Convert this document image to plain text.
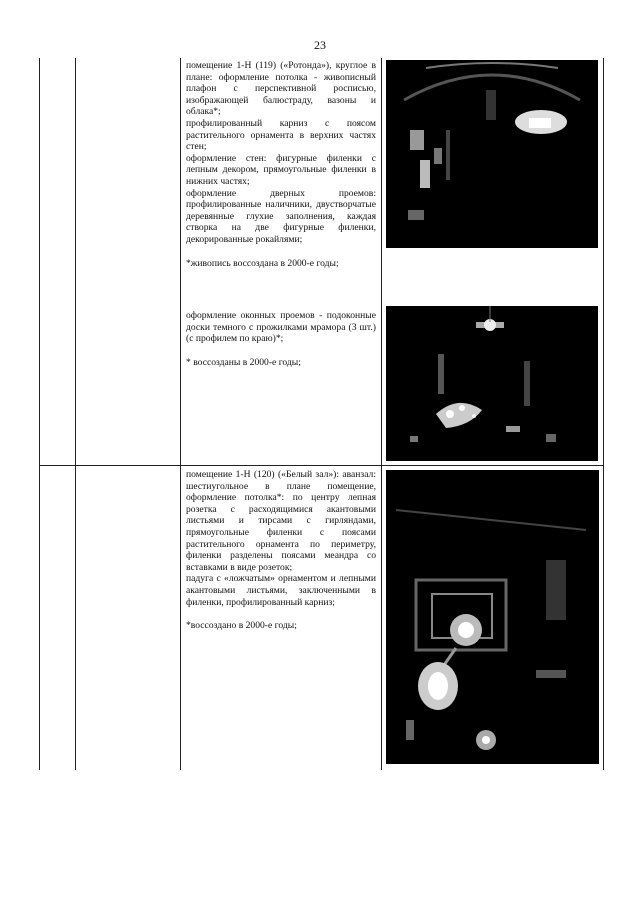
23

помещение 1-Н (119) («Ротонда»), круглое в плане: оформление потолка - живописный плафон с перспективной росписью, изображающей балюстраду, вазоны и облака*;

профилированный карниз с поясом растительного орнамента в верхних частях стен;

оформление стен: фигурные филенки с лепным декором, прямоугольные филенки в нижних частях;

оформление дверных проемов: профилированные наличники, двустворчатые деревянные глухие заполнения, каждая створка на две фигурные филенки, декорированные рокайлями;

*живопись воссоздана в 2000-е годы;

оформление оконных проемов - подоконные доски темного с прожилками мрамора (3 шт.) (с профилем по краю)*;

* воссозданы в 2000-е годы;

помещение 1-Н (120) («Белый зал»): аванзал: шестиугольное в плане помещение, оформление потолка*: по центру лепная розетка с расходящимися акантовыми листьями и тирсами с гирляндами, прямоугольные филенки с поясами растительного орнамента по периметру, филенки разделены поясами меандра со вставками в виде розеток;

падуга с «ложчатым» орнаментом и лепными акантовыми листьями, заключенными в филенки, профилированный карниз;

*воссоздано в 2000-е годы;
